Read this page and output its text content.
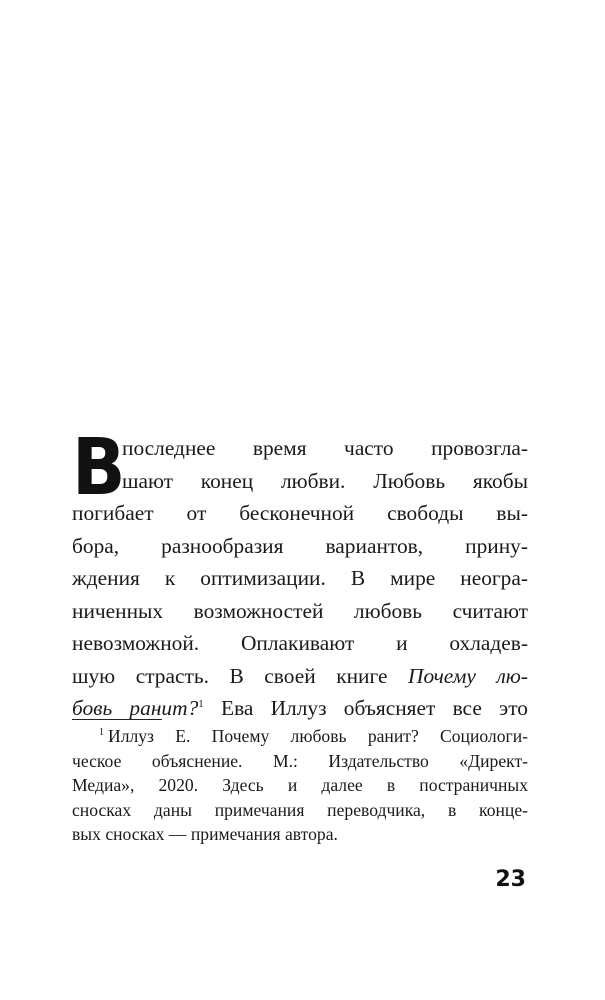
В
последнее время часто провозгла-
шают конец любви. Любовь якобы
погибает от бесконечной свободы вы-
бора, разнообразия вариантов, прину-
ждения к оптимизации. В мире неогра-
ниченных возможностей любовь считают
невозможной. Оплакивают и охладев-
шую страсть. В своей книге Почему лю-
бовь ранит?$^1$ Ева Иллуз объясняет все это
$^1$ Иллуз Е. Почему любовь ранит? Социологи-
ческое объяснение. М.: Издательство «Директ-
Медиа», 2020. Здесь и далее в постраничных
сносках даны примечания переводчика, в концe-
вых сносках — примечания автора.
23
